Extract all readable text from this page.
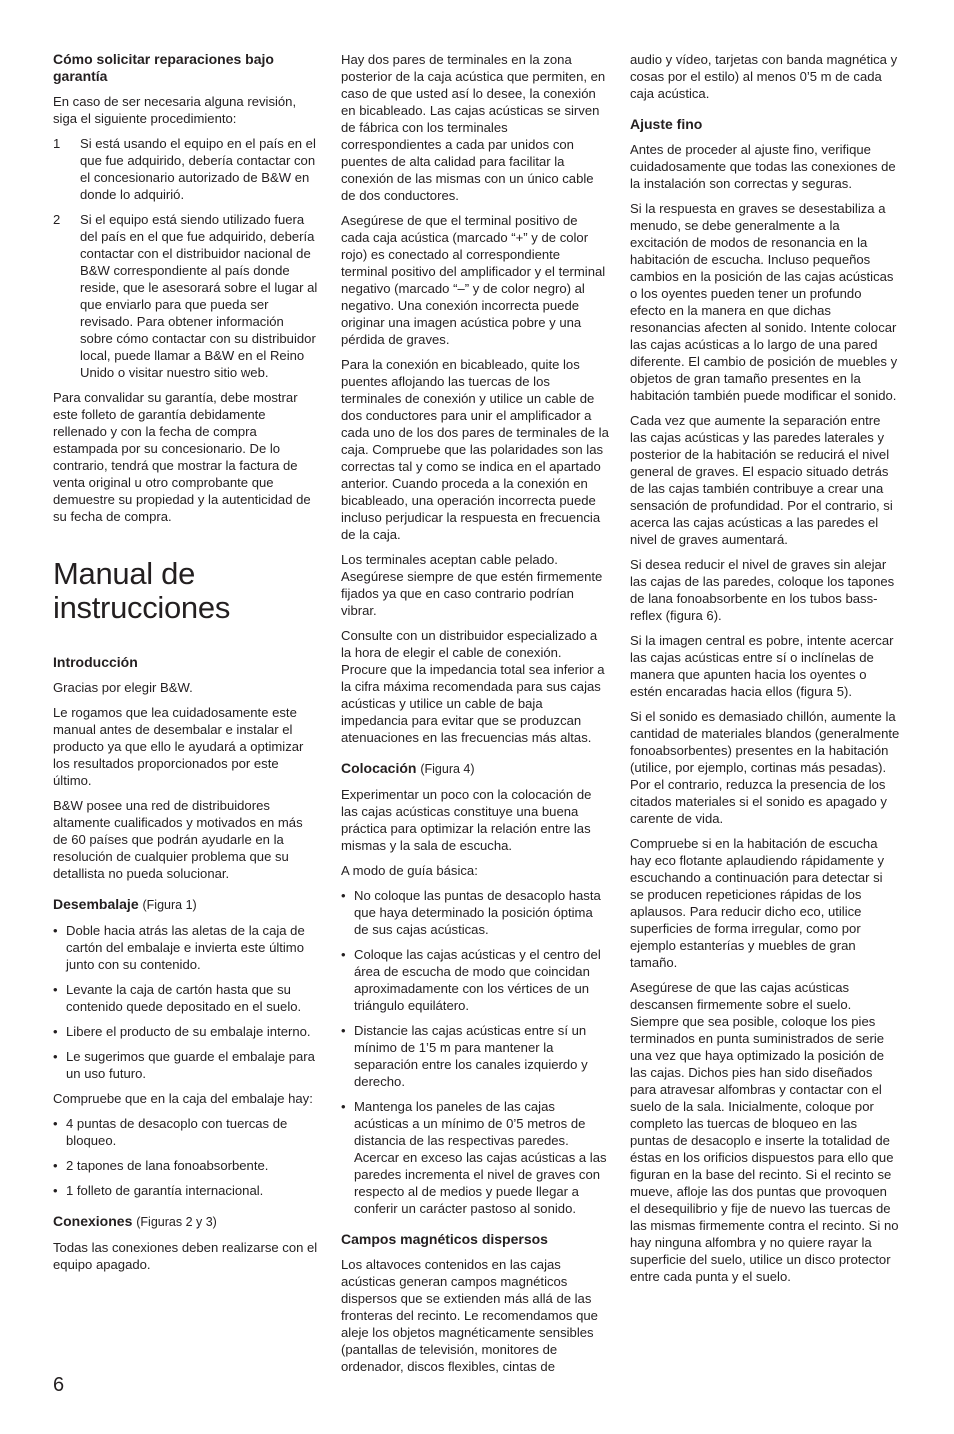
Cómo solicitar reparaciones bajo garantía

En caso de ser necesaria alguna revisión, siga el siguiente procedimiento:

1 Si está usando el equipo en el país en el que fue adquirido, debería contactar con el concesionario autorizado de B&W en donde lo adquirió.
2 Si el equipo está siendo utilizado fuera del país en el que fue adquirido, debería contactar con el distribuidor nacional de B&W correspondiente al país donde reside, que le asesorará sobre el lugar al que enviarlo para que pueda ser revisado. Para obtener información sobre cómo contactar con su distribuidor local, puede llamar a B&W en el Reino Unido o visitar nuestro sitio web.

Para convalidar su garantía, debe mostrar este folleto de garantía debidamente rellenado y con la fecha de compra estampada por su concesionario. De lo contrario, tendrá que mostrar la factura de venta original u otro comprobante que demuestre su propiedad y la autenticidad de su fecha de compra.

Manual de instrucciones
Introducción

Gracias por elegir B&W.

Le rogamos que lea cuidadosamente este manual antes de desembalar e instalar el producto ya que ello le ayudará a optimizar los resultados proporcionados por este último.

B&W posee una red de distribuidores altamente cualificados y motivados en más de 60 países que podrán ayudarle en la resolución de cualquier problema que su detallista no pueda solucionar.

Desembalaje (Figura 1)
• Doble hacia atrás las aletas de la caja de cartón del embalaje e invierta este último junto con su contenido.
• Levante la caja de cartón hasta que su contenido quede depositado en el suelo.
• Libere el producto de su embalaje interno.
• Le sugerimos que guarde el embalaje para un uso futuro.

Compruebe que en la caja del embalaje hay:

• 4 puntas de desacoplo con tuercas de bloqueo.
• 2 tapones de lana fonoabsorbente.
• 1 folleto de garantía internacional.
Conexiones (Figuras 2 y 3)

Todas las conexiones deben realizarse con el equipo apagado.

Hay dos pares de terminales en la zona posterior de la caja acústica que permiten, en caso de que usted así lo desee, la conexión en bicableado. Las cajas acústicas se sirven de fábrica con los terminales correspondientes a cada par unidos con puentes de alta calidad para facilitar la conexión de las mismas con un único cable de dos conductores.

Asegúrese de que el terminal positivo de cada caja acústica (marcado “+” y de color rojo) es conectado al correspondiente terminal positivo del amplificador y el terminal negativo (marcado “–” y de color negro) al negativo. Una conexión incorrecta puede originar una imagen acústica pobre y una pérdida de graves.

Para la conexión en bicableado, quite los puentes aflojando las tuercas de los terminales de conexión y utilice un cable de dos conductores para unir el amplificador a cada uno de los dos pares de terminales de la caja. Compruebe que las polaridades son las correctas tal y como se indica en el apartado anterior. Cuando proceda a la conexión en bicableado, una operación incorrecta puede incluso perjudicar la respuesta en frecuencia de la caja.

Los terminales aceptan cable pelado. Asegúrese siempre de que estén firmemente fijados ya que en caso contrario podrían vibrar.

Consulte con un distribuidor especializado a la hora de elegir el cable de conexión. Procure que la impedancia total sea inferior a la cifra máxima recomendada para sus cajas acústicas y utilice un cable de baja impedancia para evitar que se produzcan atenuaciones en las frecuencias más altas.

Colocación (Figura 4)

Experimentar un poco con la colocación de las cajas acústicas constituye una buena práctica para optimizar la relación entre las mismas y la sala de escucha.

A modo de guía básica:

• No coloque las puntas de desacoplo hasta que haya determinado la posición óptima de sus cajas acústicas.
• Coloque las cajas acústicas y el centro del área de escucha de modo que coincidan aproximadamente con los vértices de un triángulo equilátero.
• Distancie las cajas acústicas entre sí un mínimo de 1’5 m para mantener la separación entre los canales izquierdo y derecho.
• Mantenga los paneles de las cajas acústicas a un mínimo de 0’5 metros de distancia de las respectivas paredes. Acercar en exceso las cajas acústicas a las paredes incrementa el nivel de graves con respecto al de medios y puede llegar a conferir un carácter pastoso al sonido.
Campos magnéticos dispersos

Los altavoces contenidos en las cajas acústicas generan campos magnéticos dispersos que se extienden más allá de las fronteras del recinto. Le recomendamos que aleje los objetos magnéticamente sensibles (pantallas de televisión, monitores de ordenador, discos flexibles, cintas de

audio y vídeo, tarjetas con banda magnética y cosas por el estilo) al menos 0’5 m de cada caja acústica.

Ajuste fino

Antes de proceder al ajuste fino, verifique cuidadosamente que todas las conexiones de la instalación son correctas y seguras.

Si la respuesta en graves se desestabiliza a menudo, se debe generalmente a la excitación de modos de resonancia en la habitación de escucha. Incluso pequeños cambios en la posición de las cajas acústicas o los oyentes pueden tener un profundo efecto en la manera en que dichas resonancias afecten al sonido. Intente colocar las cajas acústicas a lo largo de una pared diferente. El cambio de posición de muebles y objetos de gran tamaño presentes en la habitación también puede modificar el sonido.

Cada vez que aumente la separación entre las cajas acústicas y las paredes laterales y posterior de la habitación se reducirá el nivel general de graves. El espacio situado detrás de las cajas también contribuye a crear una sensación de profundidad. Por el contrario, si acerca las cajas acústicas a las paredes el nivel de graves aumentará.

Si desea reducir el nivel de graves sin alejar las cajas de las paredes, coloque los tapones de lana fonoabsorbente en los tubos bass-reflex (figura 6).

Si la imagen central es pobre, intente acercar las cajas acústicas entre sí o inclínelas de manera que apunten hacia los oyentes o estén encaradas hacia ellos (figura 5).

Si el sonido es demasiado chillón, aumente la cantidad de materiales blandos (generalmente fonoabsorbentes) presentes en la habitación (utilice, por ejemplo, cortinas más pesadas). Por el contrario, reduzca la presencia de los citados materiales si el sonido es apagado y carente de vida.

Compruebe si en la habitación de escucha hay eco flotante aplaudiendo rápidamente y escuchando a continuación para detectar si se producen repeticiones rápidas de los aplausos. Para reducir dicho eco, utilice superficies de forma irregular, como por ejemplo estanterías y muebles de gran tamaño.

Asegúrese de que las cajas acústicas descansen firmemente sobre el suelo. Siempre que sea posible, coloque los pies terminados en punta suministrados de serie una vez que haya optimizado la posición de las cajas. Dichos pies han sido diseñados para atravesar alfombras y contactar con el suelo de la sala. Inicialmente, coloque por completo las tuercas de bloqueo en las puntas de desacoplo e inserte la totalidad de éstas en los orificios dispuestos para ello que figuran en la base del recinto. Si el recinto se mueve, afloje las dos puntas que provoquen el desequilibrio y fije de nuevo las tuercas de las mismas firmemente contra el recinto. Si no hay ninguna alfombra y no quiere rayar la superficie del suelo, utilice un disco protector entre cada punta y el suelo.

6
